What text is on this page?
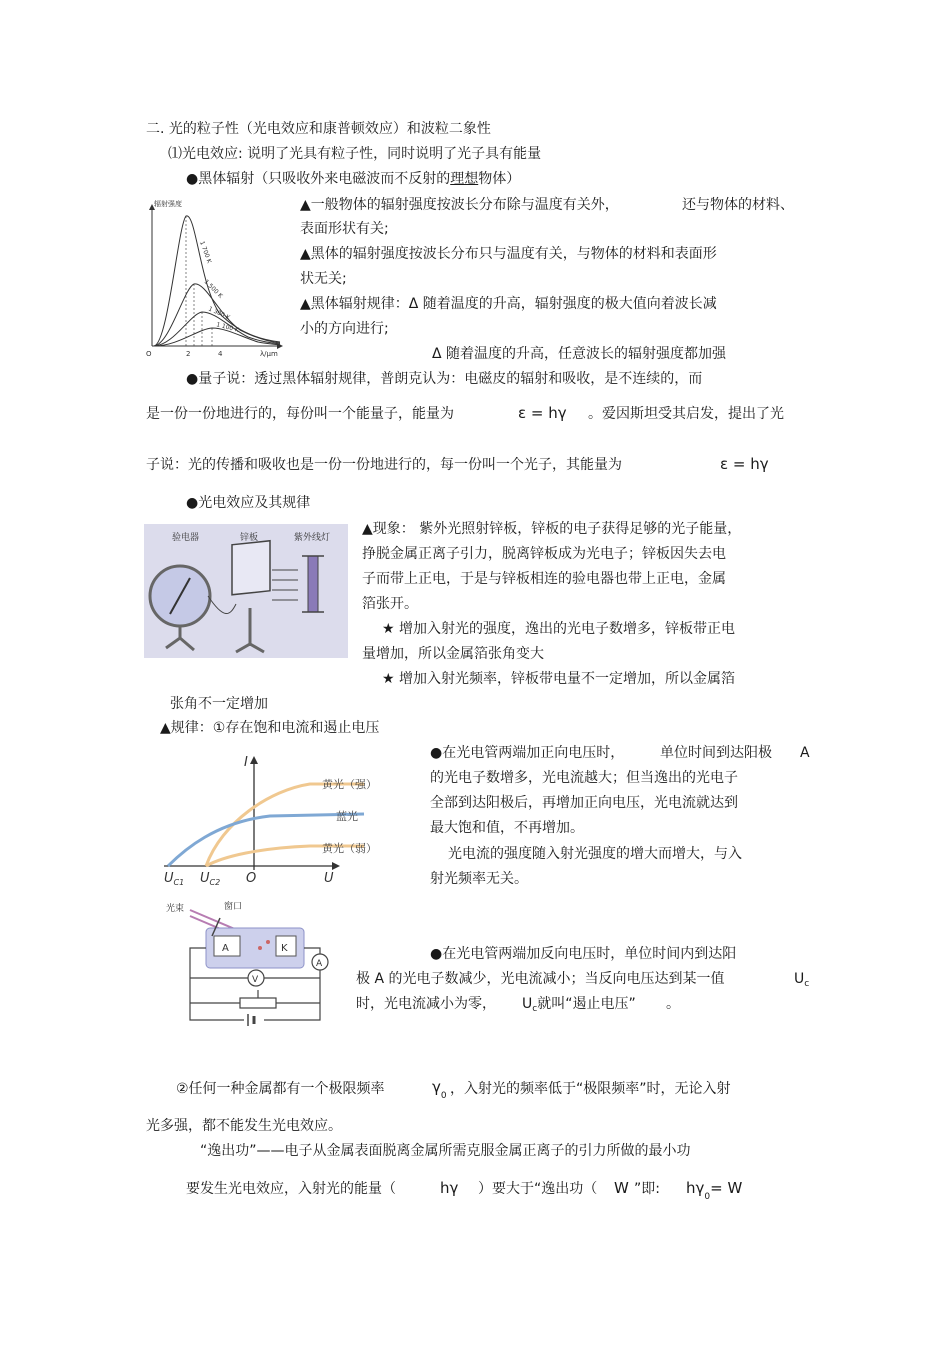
二. 光的粒子性（光电效应和康普顿效应）和波粒二象性
⑴光电效应: 说明了光具有粒子性，同时说明了光子具有能量
●黑体辐射（只吸收外来电磁波而不反射的理想物体）
辐射强度
λ/μm
O	2	4
1 700 K
1 500 K
1 300 K
1 100 K
▲一般物体的辐射强度按波长分布除与温度有关外，	还与物体的材料、
表面形状有关;
▲黑体的辐射强度按波长分布只与温度有关，与物体的材料和表面形
状无关;
▲黑体辐射规律：Δ 随着温度的升高，辐射强度的极大值向着波长减
小的方向进行;
Δ 随着温度的升高，任意波长的辐射强度都加强
●量子说：透过黑体辐射规律，普朗克认为：电磁皮的辐射和吸收，是不连续的，而
是一份一份地进行的，每份叫一个能量子，能量为	ε = hγ 。爱因斯坦受其启发，提出了光
子说：光的传播和吸收也是一份一份地进行的，每一份叫一个光子，其能量为	ε = hγ
●光电效应及其规律
验电器	锌板	紫外线灯
▲现象： 紫外光照射锌板，锌板的电子获得足够的光子能量，
挣脱金属正离子引力，脱离锌板成为光电子；锌板因失去电
子而带上正电，于是与锌板相连的验电器也带上正电，金属
箔张开。
★ 增加入射光的强度，逸出的光电子数增多，锌板带正电
量增加，所以金属箔张角变大
★ 增加入射光频率，锌板带电量不一定增加，所以金属箔
张角不一定增加
▲规律：①存在饱和电流和遏止电压
I
U
O
$U_{C1}$ $U_{C2}$
黄光（强）
蓝光
黄光（弱）
●在光电管两端加正向电压时，	单位时间到达阳极 A
的光电子数增多，光电流越大；但当逸出的光电子
全部到达阳极后，再增加正向电压，光电流就达到
最大饱和值，不再增加。
光电流的强度随入射光强度的增大而增大，与入
射光频率无关。
光束	窗口
A	K
V
A
●在光电管两端加反向电压时，单位时间内到达阳
极 A 的光电子数减少，光电流减小；当反向电压达到某一值	$U_c$
时，光电流减小为零， $U_c$就叫“遏止电压” 。
②任何一种金属都有一个极限频率	$\gamma_0$ ，入射光的频率低于“极限频率”时，无论入射
光多强，都不能发生光电效应。
“逸出功”——电子从金属表面脱离金属所需克服金属正离子的引力所做的最小功
要发生光电效应，入射光的能量（	hγ ）要大于“逸出功（ W ”即: $h\gamma_0= W$
